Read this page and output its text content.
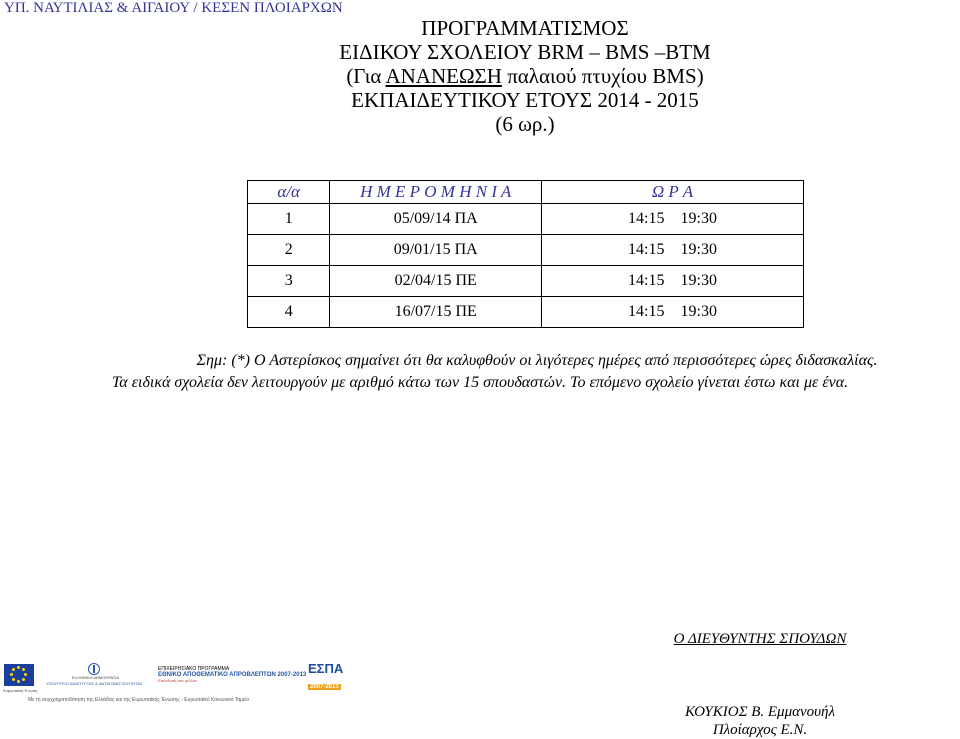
ΥΠ. ΝΑΥΤΙΛΙΑΣ & ΑΙΓΑΙΟΥ / ΚΕΣΕΝ ΠΛΟΙΑΡΧΩΝ
ΠΡΟΓΡΑΜΜΑΤΙΣΜΟΣ
ΕΙΔΙΚΟΥ ΣΧΟΛΕΙΟΥ BRM – BMS –BTM
(Για ΑΝΑΝΕΩΣΗ παλαιού πτυχίου BMS)
ΕΚΠΑΙΔΕΥΤΙΚΟΥ ΕΤΟΥΣ 2014 - 2015
(6 ωρ.)
α/α	Η Μ Ε Ρ Ο Μ Η Ν Ι Α	Ω Ρ Α
1	05/09/14 ΠΑ	14:15 19:30
2	09/01/15 ΠΑ	14:15 19:30
3	02/04/15 ΠΕ	14:15 19:30
4	16/07/15 ΠΕ	14:15 19:30
Σημ: (*) Ο Αστερίσκος σημαίνει ότι θα καλυφθούν οι λιγότερες ημέρες από περισσότερες ώρες διδασκαλίας.
Τα ειδικά σχολεία δεν λειτουργούν με αριθμό κάτω των 15 σπουδαστών. Το επόμενο σχολείο γίνεται έστω και με ένα.
Ευρωπαϊκή Ένωση
ΕΛΛΗΝΙΚΗ ΔΗΜΟΚΡΑΤΙΑ
ΥΠΟΥΡΓΕΙΟ ΑΝΑΠΤΥΞΗΣ & ΑΝΤΑΓΩΝΙΣΤΙΚΟΤΗΤΑΣ
ΕΠΙΧΕΙΡΗΣΙΑΚΟ ΠΡΟΓΡΑΜΜΑ
ΕΘΝΙΚΟ ΑΠΟΘΕΜΑΤΙΚΟ ΑΠΡΟΒΛΕΠΤΩΝ 2007-2013
Επένδυση στο μέλλον
ΕΣΠΑ
2007-2013
Με τη συγχρηματοδότηση της Ελλάδας και της Ευρωπαϊκής Ένωσης - Ευρωπαϊκό Κοινωνικό Ταμείο
Ο ΔΙΕΥΘΥΝΤΗΣ ΣΠΟΥΔΩΝ
ΚΟΥΚΙΟΣ Β. Εμμανουήλ
Πλοίαρχος Ε.Ν.
